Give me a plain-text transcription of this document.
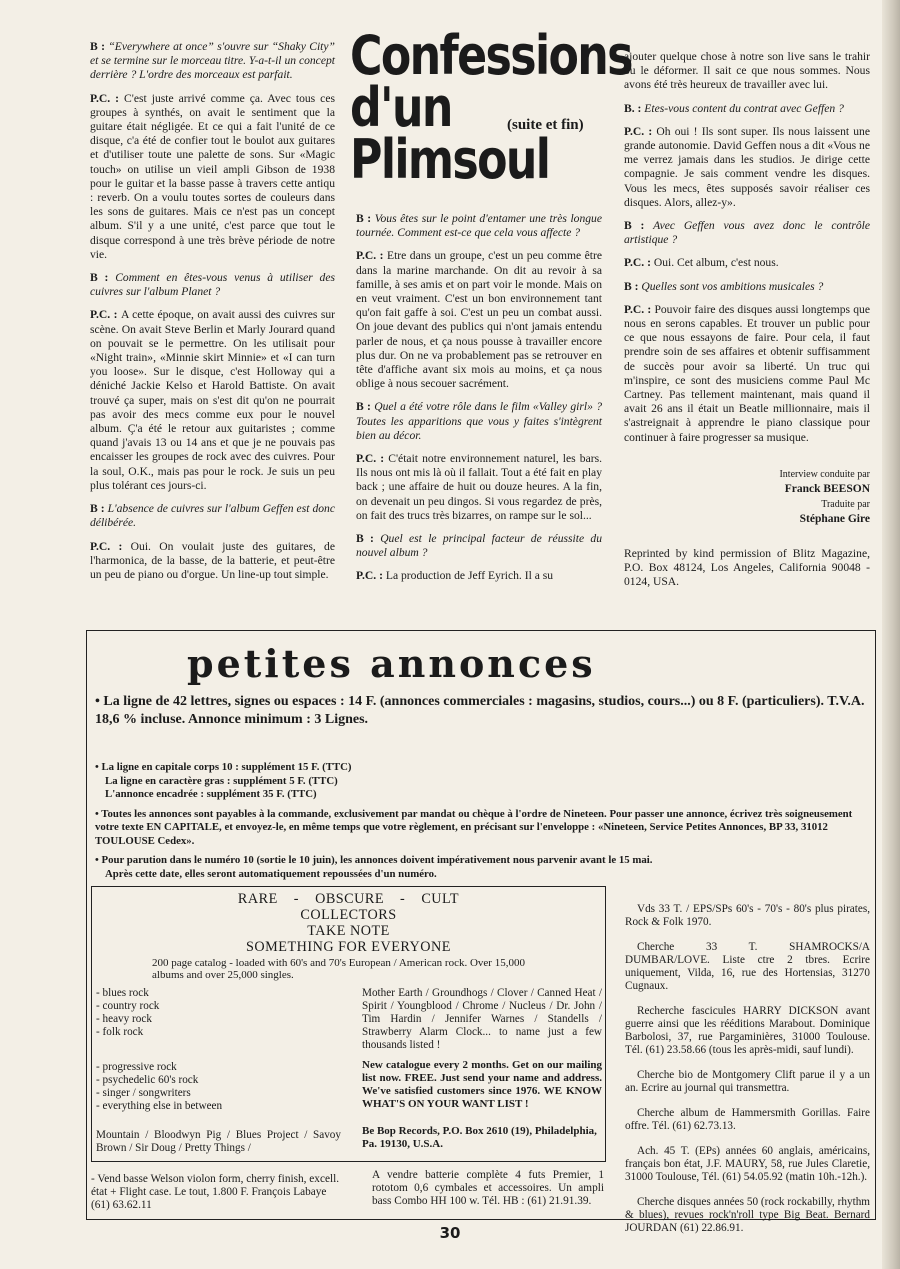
Confessions
d'un
Plimsoul
(suite et fin)

B : “Everywhere at once” s'ouvre sur “Shaky City” et se termine sur le morceau titre. Y-a-t-il un concept derrière ? L'ordre des morceaux est parfait.

P.C. : C'est juste arrivé comme ça. Avec tous ces groupes à synthés, on avait le sentiment que la guitare était négligée. Et ce qui a fait l'unité de ce disque, c'a été de confier tout le boulot aux guitares et d'utiliser toute une palette de sons. Sur «Magic touch» on utilise un vieil ampli Gibson de 1938 pour le guitar et la basse passe à travers cette antiqu : reverb. On a voulu toutes sortes de couleurs dans les sons de guitares. Mais ce n'est pas un concept album. S'il y a une unité, c'est parce que tout le disque correspond à une très brève période de notre vie.

B : Comment en êtes-vous venus à utiliser des cuivres sur l'album Planet ?

P.C. : A cette époque, on avait aussi des cuivres sur scène. On avait Steve Berlin et Marly Jourard quand on pouvait se le permettre. On les utilisait pour «Night train», «Minnie skirt Minnie» et «I can turn you loose». Sur le disque, c'est Holloway qui a déniché Jackie Kelso et Harold Battiste. On avait trouvé ça super, mais on s'est dit qu'on ne pourrait pas avoir des mecs comme eux pour le nouvel album. Ç'a été le retour aux guitaristes ; comme quand j'avais 13 ou 14 ans et que je ne pouvais pas encaisser les groupes de rock avec des cuivres. Pour la soul, O.K., mais pas pour le rock. Je suis un peu plus tolérant ces jours-ci.

B : L'absence de cuivres sur l'album Geffen est donc délibérée.

P.C. : Oui. On voulait juste des guitares, de l'harmonica, de la basse, de la batterie, et peut-être un peu de piano ou d'orgue. Un line-up tout simple.

B : Vous êtes sur le point d'entamer une très longue tournée. Comment est-ce que cela vous affecte ?

P.C. : Etre dans un groupe, c'est un peu comme être dans la marine marchande. On dit au revoir à sa famille, à ses amis et on part voir le monde. Mais on en veut vraiment. C'est un bon environnement tant qu'on fait gaffe à soi. C'est un peu un combat aussi. On joue devant des publics qui n'ont jamais entendu parler de nous, et ça nous pousse à travailler encore plus dur. On ne va probablement pas se retrouver en tête d'affiche avant six mois au moins, et ça nous oblige à nous secouer sacrément.

B : Quel a été votre rôle dans le film «Valley girl» ? Toutes les apparitions que vous y faites s'intègrent bien au décor.

P.C. : C'était notre environnement naturel, les bars. Ils nous ont mis là où il fallait. Tout a été fait en play back ; une affaire de huit ou douze heures. A la fin, on devenait un peu dingos. Si vous regardez de près, on fait des trucs très bizarres, on rampe sur le sol...

B : Quel est le principal facteur de réussite du nouvel album ?

P.C. : La production de Jeff Eyrich. Il a su

ajouter quelque chose à notre son live sans le trahir ou le déformer. Il sait ce que nous sommes. Nous avons été très heureux de travailler avec lui.

B. : Etes-vous content du contrat avec Geffen ?

P.C. : Oh oui ! Ils sont super. Ils nous laissent une grande autonomie. David Geffen nous a dit «Vous ne me verrez jamais dans les studios. Je dirige cette compagnie. Je sais comment vendre les disques. Vous les mecs, êtes supposés savoir réaliser ces disques. Alors, allez-y».

B : Avec Geffen vous avez donc le contrôle artistique ?

P.C. : Oui. Cet album, c'est nous.

B : Quelles sont vos ambitions musicales ?

P.C. : Pouvoir faire des disques aussi longtemps que nous en serons capables. Et trouver un public pour ce que nous essayons de faire. Pour cela, il faut prendre soin de ses affaires et obtenir suffisamment de succès pour avoir sa liberté. Un truc qui m'inspire, ce sont des musiciens comme Paul Mc Cartney. Pas tellement maintenant, mais quand il avait 26 ans il était un Beatle millionnaire, mais il s'astreignait à apprendre le piano classique pour continuer à faire progresser sa musique.

Interview conduite par
Franck BEESON
Traduite par
Stéphane Gire
Reprinted by kind permission of Blitz Magazine, P.O. Box 48124, Los Angeles, California 90048 - 0124, USA.
petites annonces
• La ligne de 42 lettres, signes ou espaces : 14 F. (annonces commerciales : magasins, studios, cours...) ou 8 F. (particuliers). T.V.A. 18,6 % incluse. Annonce minimum : 3 Lignes.
• La ligne en capitale corps 10 : supplément 15 F. (TTC)
La ligne en caractère gras : supplément 5 F. (TTC)
L'annonce encadrée : supplément 35 F. (TTC)
• Toutes les annonces sont payables à la commande, exclusivement par mandat ou chèque à l'ordre de Nineteen. Pour passer une annonce, écrivez très soigneusement votre texte EN CAPITALE, et envoyez-le, en même temps que votre règlement, en précisant sur l'enveloppe : «Nineteen, Service Petites Annonces, BP 33, 31012 TOULOUSE Cedex».
• Pour parution dans le numéro 10 (sortie le 10 juin), les annonces doivent impérativement nous parvenir avant le 15 mai.
Après cette date, elles seront automatiquement repoussées d'un numéro.
RARE - OBSCURE - CULT
COLLECTORS
TAKE NOTE
SOMETHING FOR EVERYONE
200 page catalog - loaded with 60's and 70's European / American rock. Over 15,000 albums and over 25,000 singles.
- blues rock
- country rock
- heavy rock
- folk rock
- progressive rock
- psychedelic 60's rock
- singer / songwriters
- everything else in between
Mountain / Bloodwyn Pig / Blues Project / Savoy Brown / Sir Doug / Pretty Things /
Mother Earth / Groundhogs / Clover / Canned Heat / Spirit / Youngblood / Chrome / Nucleus / Dr. John / Tim Hardin / Jennifer Warnes / Standells / Strawberry Alarm Clock... to name just a few thousands listed !
New catalogue every 2 months. Get on our mailing list now. FREE. Just send your name and address. We've satisfied customers since 1976. WE KNOW WHAT'S ON YOUR WANT LIST !
Be Bop Records, P.O. Box 2610 (19), Philadelphia, Pa. 19130, U.S.A.
- Vend basse Welson violon form, cherry finish, excell. état + Flight case. Le tout, 1.800 F. François Labaye (61) 63.62.11
A vendre batterie complète 4 futs Premier, 1 rototom 0,6 cymbales et accessoires. Un ampli bass Combo HH 100 w. Tél. HB : (61) 21.91.39.

Vds 33 T. / EPS/SPs 60's - 70's - 80's plus pirates, Rock & Folk 1970.

Cherche 33 T. SHAMROCKS/A DUMBAR/LOVE. Liste ctre 2 tbres. Ecrire uniquement, Vilda, 16, rue des Hortensias, 31270 Cugnaux.

Recherche fascicules HARRY DICKSON avant guerre ainsi que les rééditions Marabout. Dominique Barbolosi, 37, rue Pargaminières, 31000 Toulouse. Tél. (61) 23.58.66 (tous les après-midi, sauf lundi).

Cherche bio de Montgomery Clift parue il y a un an. Ecrire au journal qui transmettra.

Cherche album de Hammersmith Gorillas. Faire offre. Tél. (61) 62.73.13.

Ach. 45 T. (EPs) années 60 anglais, américains, français bon état, J.F. MAURY, 58, rue Jules Claretie, 31000 Toulouse, Tél. (61) 54.05.92 (matin 10h.-12h.).

Cherche disques années 50 (rock rockabilly, rhythm & blues), revues rock'n'roll type Big Beat. Bernard JOURDAN (61) 22.86.91.

30
